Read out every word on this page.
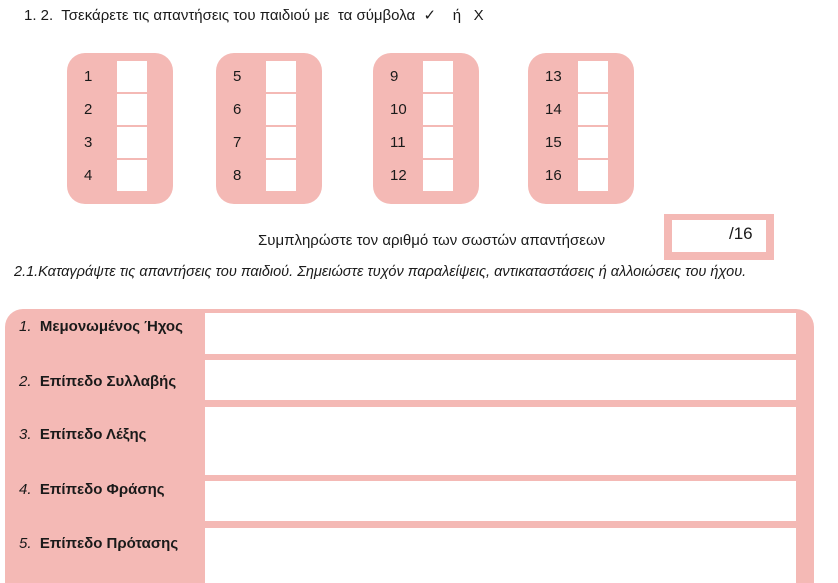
1. 2.  Τσεκάρετε τις απαντήσεις του παιδιού με  τα σύμβολα  ✓    ή   X
1
2
3
4
5
6
7
8
9
10
11
12
13
14
15
16
Συμπληρώστε τον αριθμό των σωστών απαντήσεων	/16
2.1.Καταγράψτε τις απαντήσεις του παιδιού. Σημειώστε τυχόν παραλείψεις, αντικαταστάσεις ή αλλοιώσεις του ήχου.
1. Μεμονωμένος Ήχος
2. Επίπεδο Συλλαβής
3. Επίπεδο Λέξης
4. Επίπεδο Φράσης
5. Επίπεδο Πρότασης
